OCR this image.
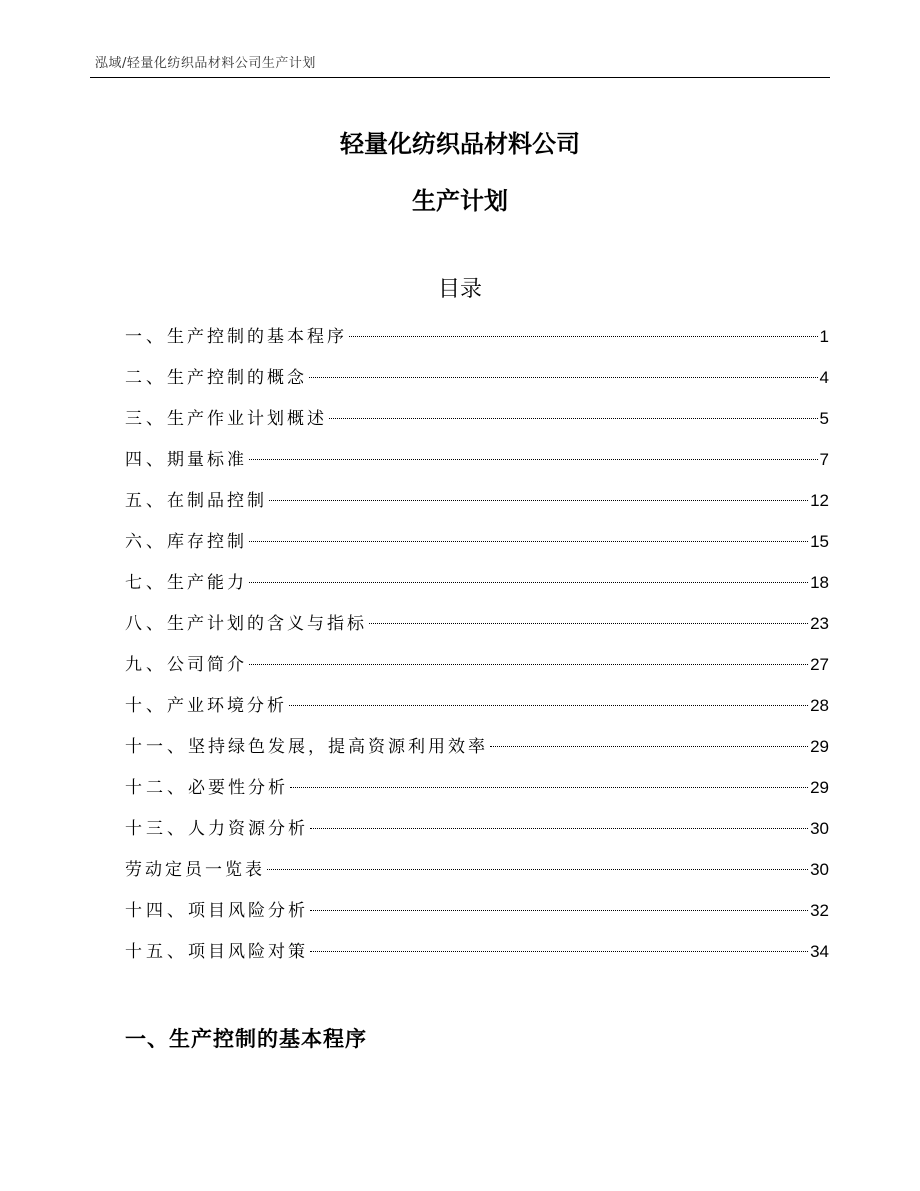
泓域/轻量化纺织品材料公司生产计划
轻量化纺织品材料公司
生产计划
目录
一、 生产控制的基本程序	1
二、 生产控制的概念	4
三、 生产作业计划概述	5
四、 期量标准	7
五、 在制品控制	12
六、 库存控制	15
七、 生产能力	18
八、 生产计划的含义与指标	23
九、 公司简介	27
十、 产业环境分析	28
十一、 坚持绿色发展，提高资源利用效率	29
十二、 必要性分析	29
十三、 人力资源分析	30
劳动定员一览表	30
十四、 项目风险分析	32
十五、 项目风险对策	34
一、生产控制的基本程序
